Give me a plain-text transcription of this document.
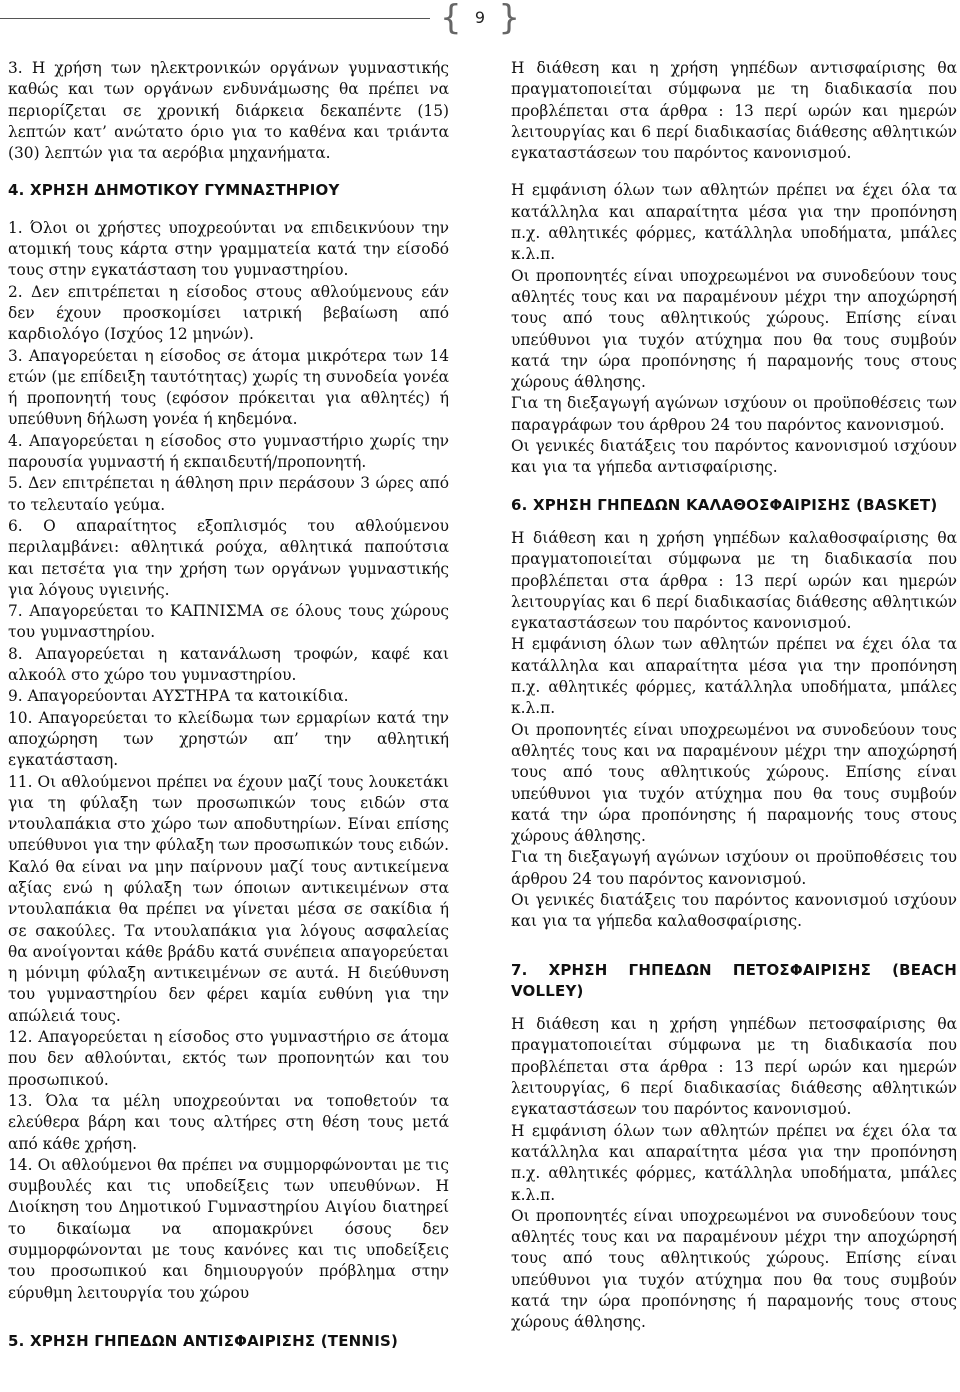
{ 9 }

3. Η χρήση των ηλεκτρονικών οργάνων γυμναστικής καθώς και των οργάνων ενδυνάμωσης θα πρέπει να περιορίζεται σε χρονική διάρκεια δεκαπέντε (15) λεπτών κατ’ ανώτατο όριο για το καθένα και τριάντα (30) λεπτών για τα αερόβια μηχανήματα.

4. ΧΡΗΣΗ ΔΗΜΟΤΙΚΟΥ ΓΥΜΝΑΣΤΗΡΙΟΥ

1. Όλοι οι χρήστες υποχρεούνται να επιδεικνύουν την ατομική τους κάρτα στην γραμματεία κατά την είσοδό τους στην εγκατάσταση του γυμναστηρίου.

2. Δεν επιτρέπεται η είσοδος στους αθλούμενους εάν δεν έχουν προσκομίσει ιατρική βεβαίωση από καρδιολόγο (Ισχύος 12 μηνών).

3. Απαγορεύεται η είσοδος σε άτομα μικρότερα των 14 ετών (με επίδειξη ταυτότητας) χωρίς τη συνοδεία γονέα ή προπονητή τους (εφόσον πρόκειται για αθλητές) ή υπεύθυνη δήλωση γονέα ή κηδεμόνα.

4. Απαγορεύεται η είσοδος στο γυμναστήριο χωρίς την παρουσία γυμναστή ή εκπαιδευτή/προπονητή.

5. Δεν επιτρέπεται η άθληση πριν περάσουν 3 ώρες από το τελευταίο γεύμα.

6. Ο απαραίτητος εξοπλισμός του αθλούμενου περιλαμβάνει: αθλητικά ρούχα, αθλητικά παπούτσια και πετσέτα για την χρήση των οργάνων γυμναστικής για λόγους υγιεινής.

7. Απαγορεύεται το ΚΑΠΝΙΣΜΑ σε όλους τους χώρους του γυμναστηρίου.

8. Απαγορεύεται η κατανάλωση τροφών, καφέ και αλκοόλ στο χώρο του γυμναστηρίου.

9. Απαγορεύονται ΑΥΣΤΗΡΑ τα κατοικίδια.

10. Απαγορεύεται το κλείδωμα των ερμαρίων κατά την αποχώρηση των χρηστών απ’ την αθλητική εγκατάσταση.

11. Οι αθλούμενοι πρέπει να έχουν μαζί τους λουκετάκι για τη φύλαξη των προσωπικών τους ειδών στα ντουλαπάκια στο χώρο των αποδυτηρίων. Είναι επίσης υπεύθυνοι για την φύλαξη των προσωπικών τους ειδών. Καλό θα είναι να μην παίρνουν μαζί τους αντικείμενα αξίας ενώ η φύλαξη των όποιων αντικειμένων στα ντουλαπάκια θα πρέπει να γίνεται μέσα σε σακίδια ή σε σακούλες. Τα ντουλαπάκια για λόγους ασφαλείας θα ανοίγονται κάθε βράδυ κατά συνέπεια απαγορεύεται η μόνιμη φύλαξη αντικειμένων σε αυτά. Η διεύθυνση του γυμναστηρίου δεν φέρει καμία ευθύνη για την απώλειά τους.

12. Απαγορεύεται η είσοδος στο γυμναστήριο σε άτομα που δεν αθλούνται, εκτός των προπονητών και του προσωπικού.

13. Όλα τα μέλη υποχρεούνται να τοποθετούν τα ελεύθερα βάρη και τους αλτήρες στη θέση τους μετά από κάθε χρήση.

14. Οι αθλούμενοι θα πρέπει να συμμορφώνονται με τις συμβουλές και τις υποδείξεις των υπευθύνων. Η Διοίκηση του Δημοτικού Γυμναστηρίου Αιγίου διατηρεί το δικαίωμα να απομακρύνει όσους δεν συμμορφώνονται με τους κανόνες και τις υποδείξεις του προσωπικού και δημιουργούν πρόβλημα στην εύρυθμη λειτουργία του χώρου

5. ΧΡΗΣΗ ΓΗΠΕΔΩΝ ΑΝΤΙΣΦΑΙΡΙΣΗΣ (TENNIS)

Η διάθεση και η χρήση γηπέδων αντισφαίρισης θα πραγματοποιείται σύμφωνα με τη διαδικασία που προβλέπεται στα άρθρα : 13 περί ωρών και ημερών λειτουργίας και 6 περί διαδικασίας διάθεσης αθλητικών εγκαταστάσεων του παρόντος κανονισμού.

Η εμφάνιση όλων των αθλητών πρέπει να έχει όλα τα κατάλληλα και απαραίτητα μέσα για την προπόνηση π.χ. αθλητικές φόρμες, κατάλληλα υποδήματα, μπάλες κ.λ.π.

Οι προπονητές είναι υποχρεωμένοι να συνοδεύουν τους αθλητές τους και να παραμένουν μέχρι την αποχώρησή τους από τους αθλητικούς χώρους. Επίσης είναι υπεύθυνοι για τυχόν ατύχημα που θα τους συμβούν κατά την ώρα προπόνησης ή παραμονής τους στους χώρους άθλησης.

Για τη διεξαγωγή αγώνων ισχύουν οι προϋποθέσεις των παραγράφων του άρθρου 24 του παρόντος κανονισμού.

Οι γενικές διατάξεις του παρόντος κανονισμού ισχύουν και για τα γήπεδα αντισφαίρισης.

6. ΧΡΗΣΗ ΓΗΠΕΔΩΝ ΚΑΛΑΘΟΣΦΑΙΡΙΣΗΣ (BASKET)

Η διάθεση και η χρήση γηπέδων καλαθοσφαίρισης θα πραγματοποιείται σύμφωνα με τη διαδικασία που προβλέπεται στα άρθρα : 13 περί ωρών και ημερών λειτουργίας και 6 περί διαδικασίας διάθεσης αθλητικών εγκαταστάσεων του παρόντος κανονισμού.

Η εμφάνιση όλων των αθλητών πρέπει να έχει όλα τα κατάλληλα και απαραίτητα μέσα για την προπόνηση π.χ. αθλητικές φόρμες, κατάλληλα υποδήματα, μπάλες κ.λ.π.

Οι προπονητές είναι υποχρεωμένοι να συνοδεύουν τους αθλητές τους και να παραμένουν μέχρι την αποχώρησή τους από τους αθλητικούς χώρους. Επίσης είναι υπεύθυνοι για τυχόν ατύχημα που θα τους συμβούν κατά την ώρα προπόνησης ή παραμονής τους στους χώρους άθλησης.

Για τη διεξαγωγή αγώνων ισχύουν οι προϋποθέσεις του άρθρου 24 του παρόντος κανονισμού.

Οι γενικές διατάξεις του παρόντος κανονισμού ισχύουν και για τα γήπεδα καλαθοσφαίρισης.

7. ΧΡΗΣΗ ΓΗΠΕΔΩΝ ΠΕΤΟΣΦΑΙΡΙΣΗΣ (BEACH VOLLEY)

Η διάθεση και η χρήση γηπέδων πετοσφαίρισης θα πραγματοποιείται σύμφωνα με τη διαδικασία που προβλέπεται στα άρθρα : 13 περί ωρών και ημερών λειτουργίας, 6 περί διαδικασίας διάθεσης αθλητικών εγκαταστάσεων του παρόντος κανονισμού.

Η εμφάνιση όλων των αθλητών πρέπει να έχει όλα τα κατάλληλα και απαραίτητα μέσα για την προπόνηση π.χ. αθλητικές φόρμες, κατάλληλα υποδήματα, μπάλες κ.λ.π.

Οι προπονητές είναι υποχρεωμένοι να συνοδεύουν τους αθλητές τους και να παραμένουν μέχρι την αποχώρησή τους από τους αθλητικούς χώρους. Επίσης είναι υπεύθυνοι για τυχόν ατύχημα που θα τους συμβούν κατά την ώρα προπόνησης ή παραμονής τους στους χώρους άθλησης.
